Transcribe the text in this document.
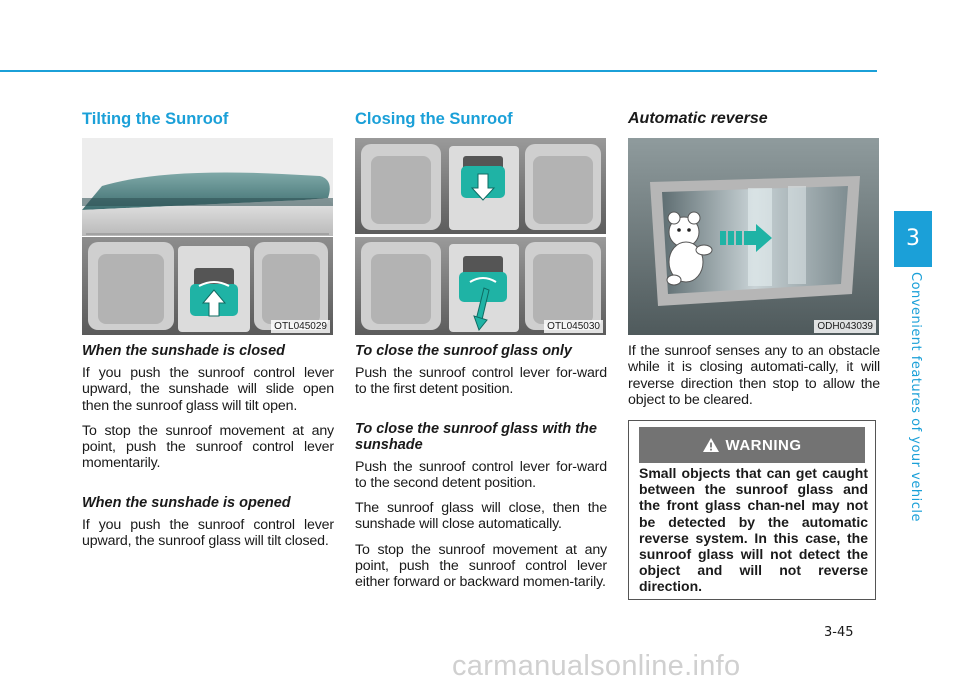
3
Convenient features of your vehicle
Tilting the Sunroof
OTL045029

When the sunshade is closed

If you push the sunroof control lever upward, the sunshade will slide open then the sunroof glass will tilt open.

To stop the sunroof movement at any point, push the sunroof control lever momentarily.

When the sunshade is opened

If you push the sunroof control lever upward, the sunroof glass will tilt closed.

Closing the Sunroof
OTL045030

To close the sunroof glass only

Push the sunroof control lever for-ward to the first detent position.

To close the sunroof glass with the sunshade

Push the sunroof control lever for-ward to the second detent position.

The sunroof glass will close, then the sunshade will close automatically.

To stop the sunroof movement at any point, push the sunroof control lever either forward or backward momen-tarily.

Automatic reverse
ODH043039

If the sunroof senses any to an obstacle while it is closing automati-cally, it will reverse direction then stop to allow the object to be cleared.

WARNING
Small objects that can get caught between the sunroof glass and the front glass chan-nel may not be detected by the automatic reverse system. In this case, the sunroof glass will not detect the object and will not reverse direction.
3-45
carmanualsonline.info
